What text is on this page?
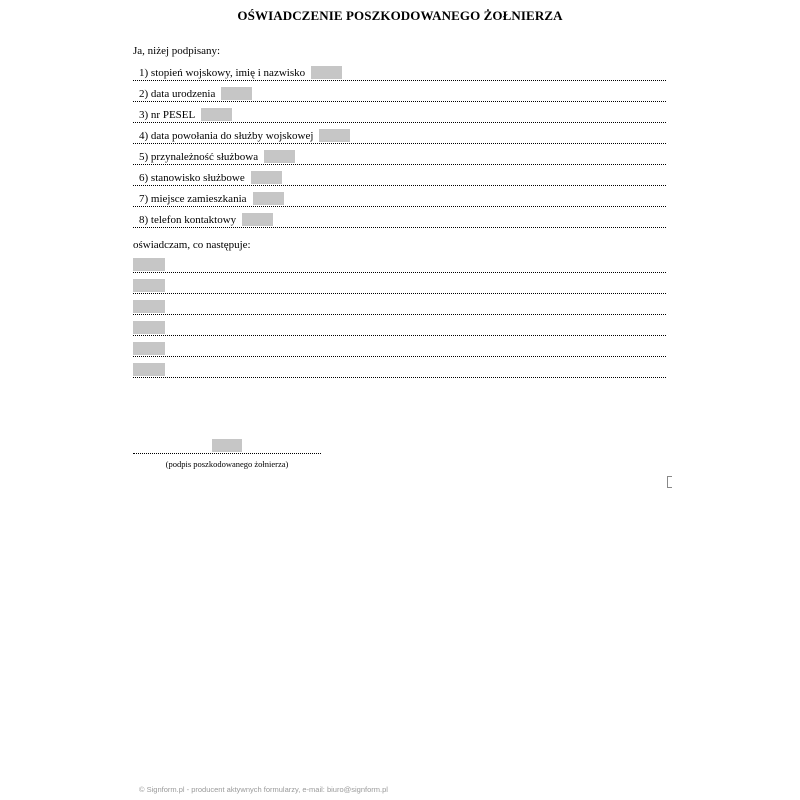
OŚWIADCZENIE POSZKODOWANEGO ŻOŁNIERZA
Ja, niżej podpisany:
1) stopień wojskowy, imię i nazwisko
2) data urodzenia
3) nr PESEL
4) data powołania do służby wojskowej
5) przynależność służbowa
6) stanowisko służbowe
7) miejsce zamieszkania
8) telefon kontaktowy
oświadczam, co następuje:
(podpis poszkodowanego żołnierza)
© Signform.pl - producent aktywnych formularzy, e-mail: biuro@signform.pl
